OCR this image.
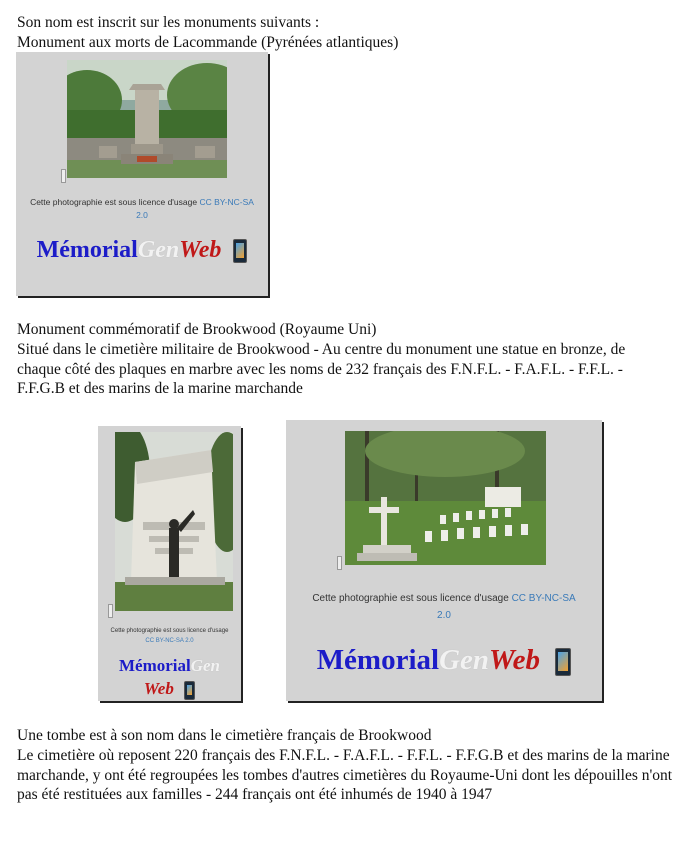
Son nom est inscrit sur les monuments suivants :

Monument aux morts de Lacommande (Pyrénées atlantiques)

Cette photographie est sous licence d'usage CC BY-NC-SA
2.0
MémorialGenWeb

Monument commémoratif de Brookwood (Royaume Uni)

Situé dans le cimetière militaire de Brookwood - Au centre du monument une statue en bronze, de chaque côté des plaques en marbre avec les noms de 232 français des F.N.F.L. - F.A.F.L. - F.F.L. - F.F.G.B et des marins de la marine marchande

Cette photographie est sous licence d'usage
CC BY-NC-SA 2.0
MémorialGen
Web
Cette photographie est sous licence d'usage CC BY-NC-SA
2.0
MémorialGenWeb

Une tombe est à son nom dans le cimetière français de Brookwood

Le cimetière où reposent 220 français des F.N.F.L. - F.A.F.L. - F.F.L. - F.F.G.B et des marins de la marine marchande, y ont été regroupées les tombes d'autres cimetières du Royaume-Uni dont les dépouilles n'ont pas été restituées aux familles - 244 français ont été inhumés de 1940 à 1947
